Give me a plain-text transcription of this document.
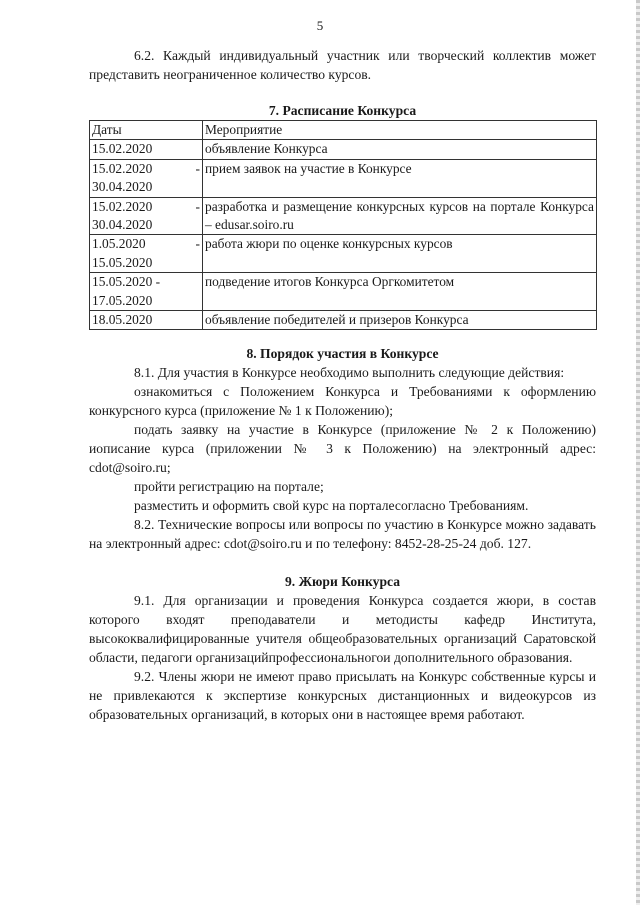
5

6.2. Каждый индивидуальный участник или творческий коллектив может представить неограниченное количество курсов.

7. Расписание Конкурса

Даты	Мероприятие
15.02.2020	объявление Конкурса

15.02.2020 -
30.04.2020	прием заявок на участие в Конкурсе

15.02.2020 -
30.04.2020	разработка и размещение конкурсных курсов на портале Конкурса – edusar.soiro.ru

1.05.2020 -
15.05.2020	работа жюри по оценке конкурсных курсов

15.05.2020 -
17.05.2020	подведение итогов Конкурса Оргкомитетом
18.05.2020	объявление победителей и призеров Конкурса

8. Порядок участия в Конкурсе

8.1. Для участия в Конкурсе необходимо выполнить следующие действия:

ознакомиться с Положением Конкурса и Требованиями к оформлению конкурсного курса (приложение № 1 к Положению);

подать заявку на участие в Конкурсе (приложение № 2 к Положению) иописание курса (приложении № 3 к Положению) на электронный адрес: cdot@soiro.ru;

пройти регистрацию на портале;

разместить и оформить свой курс на порталесогласно Требованиям.

8.2. Технические вопросы или вопросы по участию в Конкурсе можно задавать на электронный адрес: cdot@soiro.ru и по телефону: 8452-28-25-24 доб. 127.

9. Жюри Конкурса

9.1. Для организации и проведения Конкурса создается жюри, в состав которого входят преподаватели и методисты кафедр Института, высококвалифицированные учителя общеобразовательных организаций Саратовской области, педагоги организацийпрофессиональногои дополнительного образования.

9.2. Члены жюри не имеют право присылать на Конкурс собственные курсы и не привлекаются к экспертизе конкурсных дистанционных и видеокурсов из образовательных организаций, в которых они в настоящее время работают.
